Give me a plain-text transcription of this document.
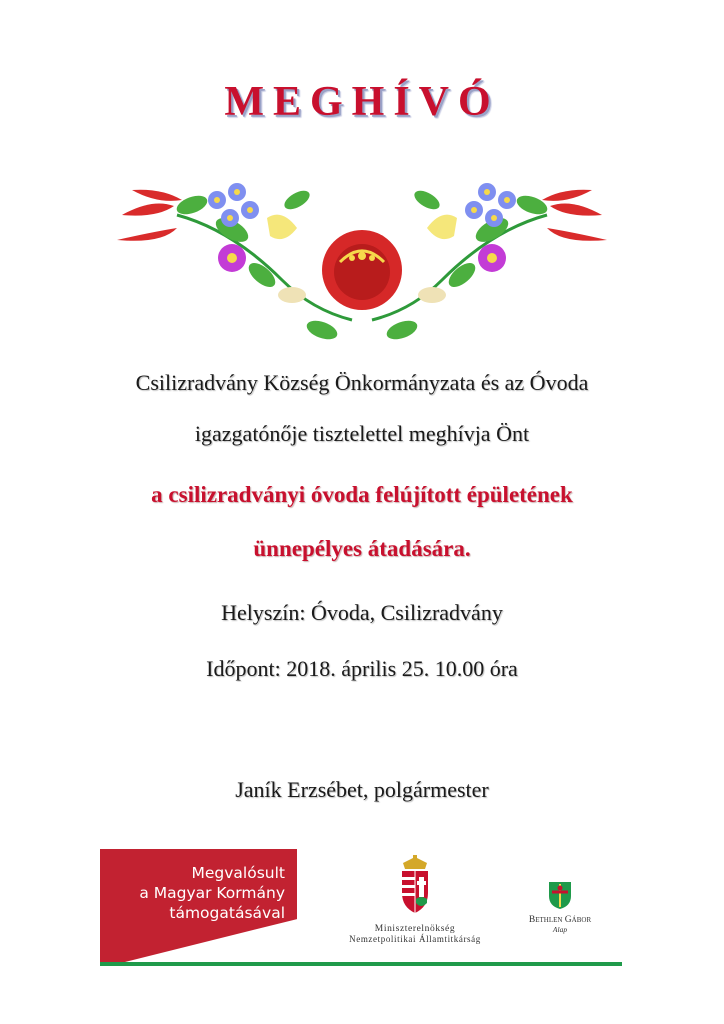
MEGHÍVÓ
Csilizradvány Község Önkormányzata és az Óvoda
igazgatónője tisztelettel meghívja Önt
a csilizradványi óvoda felújított épületének
ünnepélyes átadására.
Helyszín: Óvoda, Csilizradvány
Időpont: 2018. április 25. 10.00 óra
Janík Erzsébet, polgármester
Megvalósult
a Magyar Kormány
támogatásával
Miniszterelnökség
Nemzetpolitikai Államtitkárság
Bethlen Gábor
Alap
